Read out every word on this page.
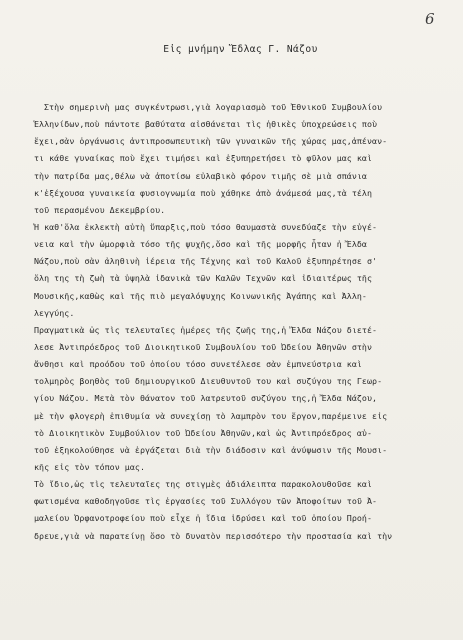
6
Εἰς μνήμην Ἔδλας Γ. Νάζου
Στὴν σημερινὴ μας συγκέντρωσι,γιὰ λογαριασμὸ τοῦ Ἐθνικοῦ Συμβουλίου
Ἑλληνίδων,ποὺ πάντοτε βαθύτατα αἰσθάνεται τὶς ἠθικὲς ὑποχρεώσεις ποὺ
ἔχει,σὰν ὀργάνωσις ἀντιπροσωπευτικὴ τῶν γυναικῶν τῆς χώρας μας,ἀπέναν-
τι κάθε γυναίκας ποὺ ἔχει τιμήσει καὶ ἐξυπηρετήσει τὸ φῦλον μας καὶ
τὴν πατρίδα μας,θέλω νὰ ἀποτίσω εὐλαβικὸ φόρον τιμῆς σὲ μιὰ σπάνια
κ'ἐξέχουσα γυναικεία φυσιογνωμία ποὺ χάθηκε ἀπὸ ἀνάμεσά μας,τὰ τέλη
τοῦ περασμένου Δεκεμβρίου.
Ἡ καθ'ὅλα ἐκλεκτὴ αὐτὴ ὕπαρξις,ποὺ τόσο θαυμαστὰ συνεδύαζε τὴν εὐγέ-
νεια καὶ τὴν ὠμορφιὰ τόσο τῆς ψυχῆς,ὅσο καὶ τῆς μορφῆς ἦταν ἡ Ἔλδα
Νάζου,ποὺ σὰν ἀληθινὴ ἱέρεια τῆς Τέχνης καὶ τοῦ Καλοῦ ἐξυπηρέτησε σ'
ὅλη της τὴ ζωὴ τὰ ὑψηλὰ ἰδανικὰ τῶν Καλῶν Τεχνῶν καὶ ἰδιαιτέρως τῆς
Μουσικῆς,καθὼς καὶ τῆς πιὸ μεγαλόψυχης Κοινωνικῆς Ἀγάπης καὶ Ἀλλη-
λεγγύης.
Πραγματικὰ ὡς τὶς τελευταῖες ἡμέρες τῆς ζωῆς της,ἡ Ἔλδα Νάζου διετέ-
λεσε Ἀντιπρόεδρος τοῦ Διοικητικοῦ Συμβουλίου τοῦ Ὠδείου Ἀθηνῶν στὴν
ἄνθησι καὶ προόδου τοῦ ὁποίου τόσο συνετέλεσε σὰν ἐμπνεύστρια καὶ
τολμηρὸς βοηθὸς τοῦ δημιουργικοῦ Διευθυντοῦ του καὶ συζύγου της Γεωρ-
γίου Νάζου. Μετὰ τὸν θάνατον τοῦ λατρευτοῦ συζύγου της,ἡ Ἔλδα Νάζου,
μὲ τὴν φλογερὴ ἐπιθυμία νὰ συνεχίσῃ τὸ λαμπρὸν του ἔργον,παρέμεινε εἰς
τὸ Διοικητικὸν Συμβούλιον τοῦ Ὠδείου Ἀθηνῶν,καὶ ὡς Ἀντιπρόεδρος αὐ-
τοῦ ἐξηκολούθησε νὰ ἐργάζεται διὰ τὴν διάδοσιν καὶ ἀνύψωσιν τῆς Μουσι-
κῆς εἰς τὸν τόπον μας.
Τὸ ἴδιο,ὡς τὶς τελευταῖες της στιγμὲς ἀδιάλειπτα παρακολουθοῦσε καὶ
φωτισμένα καθοδηγοῦσε τὶς ἐργασίες τοῦ Συλλόγου τῶν Ἀποφοίτων τοῦ Ἀ-
μαλείου Ὀρφανοτροφείου ποὺ εἶχε ἡ ἴδια ἱδρύσει καὶ τοῦ ὁποίου Προή-
δρευε,γιὰ νὰ παρατείνῃ ὅσο τὸ δυνατὸν περισσότερο τὴν προστασία καὶ τὴν
